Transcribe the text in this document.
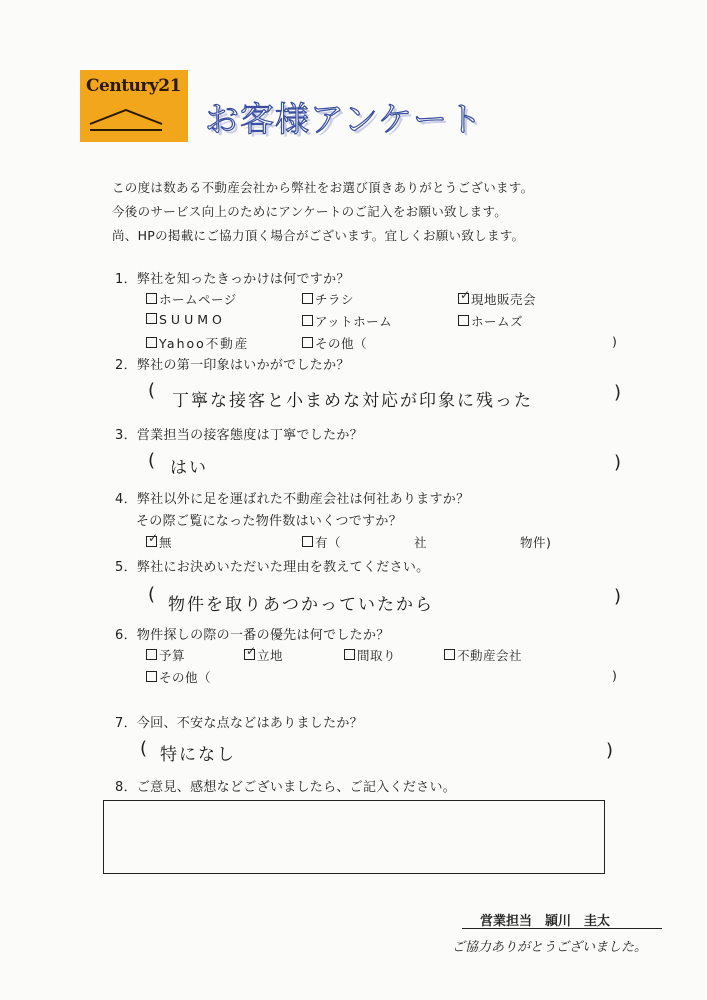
Century21
お客様アンケート
この度は数ある不動産会社から弊社をお選び頂きありがとうございます。
今後のサービス向上のためにアンケートのご記入をお願い致します。
尚、HPの掲載にご協力頂く場合がございます。宜しくお願い致します。
1．弊社を知ったきっかけは何ですか？
ホームページ	チラシ	✓ 現地販売会
SUUMO	アットホーム	ホームズ
Yahoo不動産	その他（	)
2．弊社の第一印象はいかがでしたか？
( 丁寧な接客と小まめな対応が印象に残った	)
3．営業担当の接客態度は丁寧でしたか？
( はい	)
4．弊社以外に足を運ばれた不動産会社は何社ありますか？
その際ご覧になった物件数はいくつですか？
✓ 無	有（	社	物件)
5．弊社にお決めいただいた理由を教えてください。
( 物件を取りあつかっていたから	)
6．物件探しの際の一番の優先は何でしたか？
予算	✓ 立地	間取り	不動産会社
その他（	)
7．今回、不安な点などはありましたか？
( 特になし	)
8．ご意見、感想などございましたら、ご記入ください。
営業担当　頴川　圭太
ご協力ありがとうございました。
